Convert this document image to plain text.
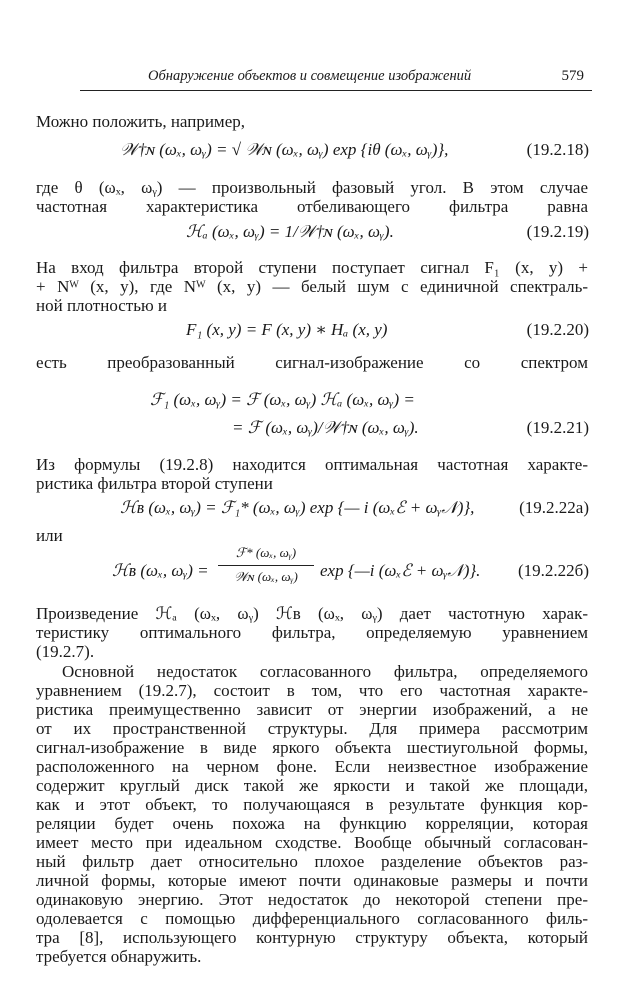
Обнаружение объектов и совмещение изображений	579
Можно положить, например,
𝒲†ɴ (ωₓ, ωᵧ) = √ 𝒲ɴ (ωₓ, ωᵧ) exp {iθ (ωₓ, ωᵧ)},	(19.2.18)
где θ (ωₓ, ωᵧ) — произвольный фазовый угол. В этом случае
частотная характеристика отбеливающего фильтра равна
ℋₐ (ωₓ, ωᵧ) = 1/𝒲†ɴ (ωₓ, ωᵧ).	(19.2.19)
На вход фильтра второй ступени поступает сигнал F₁ (x, y) +
+ Nᵂ (x, y), где Nᵂ (x, y) — белый шум с единичной спектраль-
ной плотностью и
F₁ (x, y) = F (x, y) ∗ Hₐ (x, y)	(19.2.20)
есть преобразованный сигнал-изображение со спектром
ℱ₁ (ωₓ, ωᵧ) = ℱ (ωₓ, ωᵧ) ℋₐ (ωₓ, ωᵧ) =
= ℱ (ωₓ, ωᵧ)/𝒲†ɴ (ωₓ, ωᵧ).	(19.2.21)
Из формулы (19.2.8) находится оптимальная частотная характе-
ристика фильтра второй ступени
ℋʙ (ωₓ, ωᵧ) = ℱ₁* (ωₓ, ωᵧ) exp {— i (ωₓℰ + ωᵧ𝒩)},	(19.2.22а)
или
ℋʙ (ωₓ, ωᵧ) =
ℱ* (ωₓ, ωᵧ)
𝒲ɴ (ωₓ, ωᵧ)	exp {—i (ωₓℰ + ωᵧ𝒩)}. (19.2.22б)
Произведение ℋₐ (ωₓ, ωᵧ) ℋʙ (ωₓ, ωᵧ) дает частотную харак-
теристику оптимального фильтра, определяемую уравнением
(19.2.7).
Основной недостаток согласованного фильтра, определяемого
уравнением (19.2.7), состоит в том, что его частотная характе-
ристика преимущественно зависит от энергии изображений, а не
от их пространственной структуры. Для примера рассмотрим
сигнал-изображение в виде яркого объекта шестиугольной формы,
расположенного на черном фоне. Если неизвестное изображение
содержит круглый диск такой же яркости и такой же площади,
как и этот объект, то получающаяся в результате функция кор-
реляции будет очень похожа на функцию корреляции, которая
имеет место при идеальном сходстве. Вообще обычный согласован-
ный фильтр дает относительно плохое разделение объектов раз-
личной формы, которые имеют почти одинаковые размеры и почти
одинаковую энергию. Этот недостаток до некоторой степени пре-
одолевается с помощью дифференциального согласованного филь-
тра [8], использующего контурную структуру объекта, который
требуется обнаружить.
